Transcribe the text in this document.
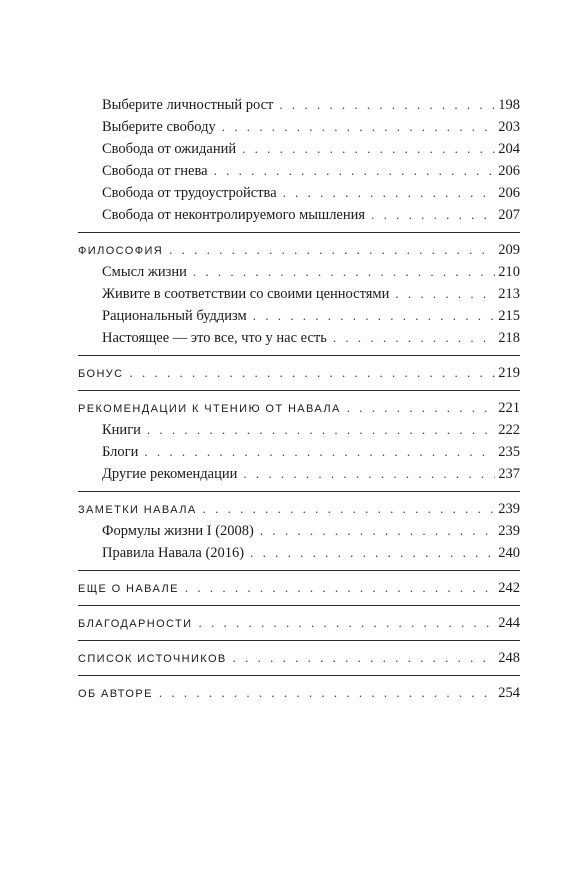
Выберите личностный рост . . .	198
Выберите свободу . . .	203
Свобода от ожиданий . . .	204
Свобода от гнева . . .	206
Свобода от трудоустройства . . .	206
Свобода от неконтролируемого мышления . . .	207
ФИЛОСОФИЯ . . .	209
Смысл жизни . . .	210
Живите в соответствии со своими ценностями . . .	213
Рациональный буддизм . . .	215
Настоящее — это все, что у нас есть . . .	218
БОНУС . . .	219
РЕКОМЕНДАЦИИ К ЧТЕНИЮ ОТ НАВАЛА . . .	221
Книги . . .	222
Блоги . . .	235
Другие рекомендации . . .	237
ЗАМЕТКИ НАВАЛА . . .	239
Формулы жизни I (2008) . . .	239
Правила Навала (2016) . . .	240
ЕЩЕ О НАВАЛЕ . . .	242
БЛАГОДАРНОСТИ . . .	244
СПИСОК ИСТОЧНИКОВ . . .	248
ОБ АВТОРЕ . . .	254
